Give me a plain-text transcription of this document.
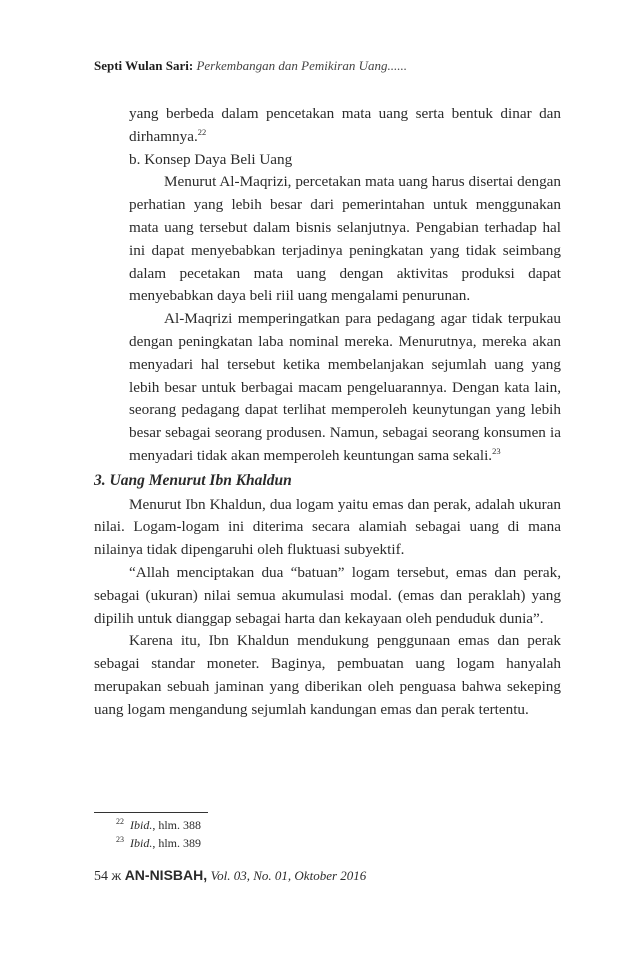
Septi Wulan Sari: Perkembangan dan Pemikiran Uang......

yang berbeda dalam pencetakan mata uang serta bentuk dinar dan dirhamnya.$^{22}$

b. Konsep Daya Beli Uang

Menurut Al-Maqrizi, percetakan mata uang harus disertai dengan perhatian yang lebih besar dari pemerintahan untuk menggunakan mata uang tersebut dalam bisnis selanjutnya. Pengabian terhadap hal ini dapat menyebabkan terjadinya peningkatan yang tidak seimbang dalam pecetakan mata uang dengan aktivitas produksi dapat menyebabkan daya beli riil uang mengalami penurunan.

Al-Maqrizi memperingatkan para pedagang agar tidak terpukau dengan peningkatan laba nominal mereka. Menurutnya, mereka akan menyadari hal tersebut ketika membelanjakan sejumlah uang yang lebih besar untuk berbagai macam pengeluarannya. Dengan kata lain, seorang pedagang dapat terlihat memperoleh keunytungan yang lebih besar sebagai seorang produsen. Namun, sebagai seorang konsumen ia menyadari tidak akan memperoleh keuntungan sama sekali.$^{23}$

3. Uang Menurut Ibn Khaldun

Menurut Ibn Khaldun, dua logam yaitu emas dan perak, adalah ukuran nilai. Logam-logam ini diterima secara alamiah sebagai uang di mana nilainya tidak dipengaruhi oleh fluktuasi subyektif.

“Allah menciptakan dua “batuan” logam tersebut, emas dan perak, sebagai (ukuran) nilai semua akumulasi modal. (emas dan peraklah) yang dipilih untuk dianggap sebagai harta dan kekayaan oleh penduduk dunia”.

Karena itu, Ibn Khaldun mendukung penggunaan emas dan perak sebagai standar moneter. Baginya, pembuatan uang logam hanyalah merupakan sebuah jaminan yang diberikan oleh penguasa bahwa sekeping uang logam mengandung sejumlah kandungan emas dan perak tertentu.

$^{22}$ Ibid., hlm. 388
$^{23}$ Ibid., hlm. 389
54 ж AN-NISBAH, Vol. 03, No. 01, Oktober 2016
